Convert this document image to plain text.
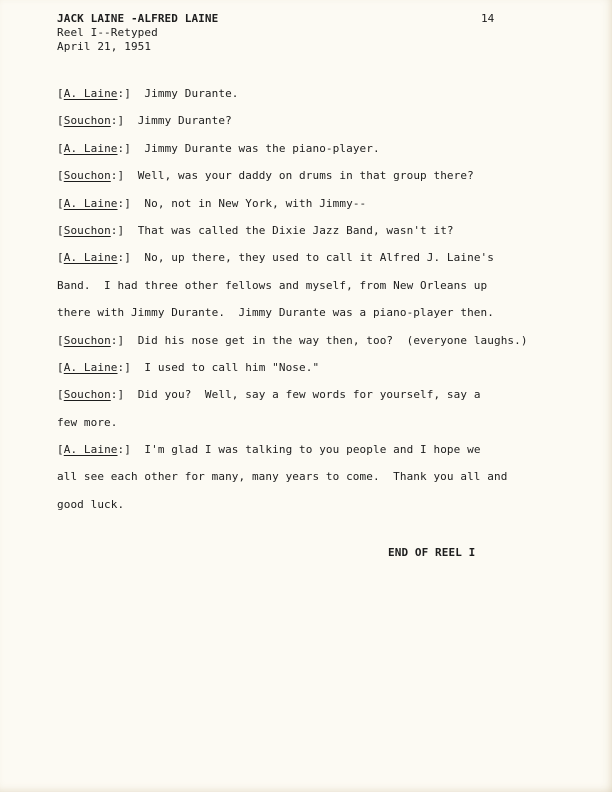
JACK LAINE -ALFRED LAINE
Reel I--Retyped
April 21, 1951
14
[A. Laine:]  Jimmy Durante.
[Souchon:]  Jimmy Durante?
[A. Laine:]  Jimmy Durante was the piano-player.
[Souchon:]  Well, was your daddy on drums in that group there?
[A. Laine:]  No, not in New York, with Jimmy--
[Souchon:]  That was called the Dixie Jazz Band, wasn't it?
[A. Laine:]  No, up there, they used to call it Alfred J. Laine's
Band.  I had three other fellows and myself, from New Orleans up
there with Jimmy Durante.  Jimmy Durante was a piano-player then.
[Souchon:]  Did his nose get in the way then, too?  (everyone laughs.)
[A. Laine:]  I used to call him "Nose."
[Souchon:]  Did you?  Well, say a few words for yourself, say a
few more.
[A. Laine:]  I'm glad I was talking to you people and I hope we
all see each other for many, many years to come.  Thank you all and
good luck.
END OF REEL I
